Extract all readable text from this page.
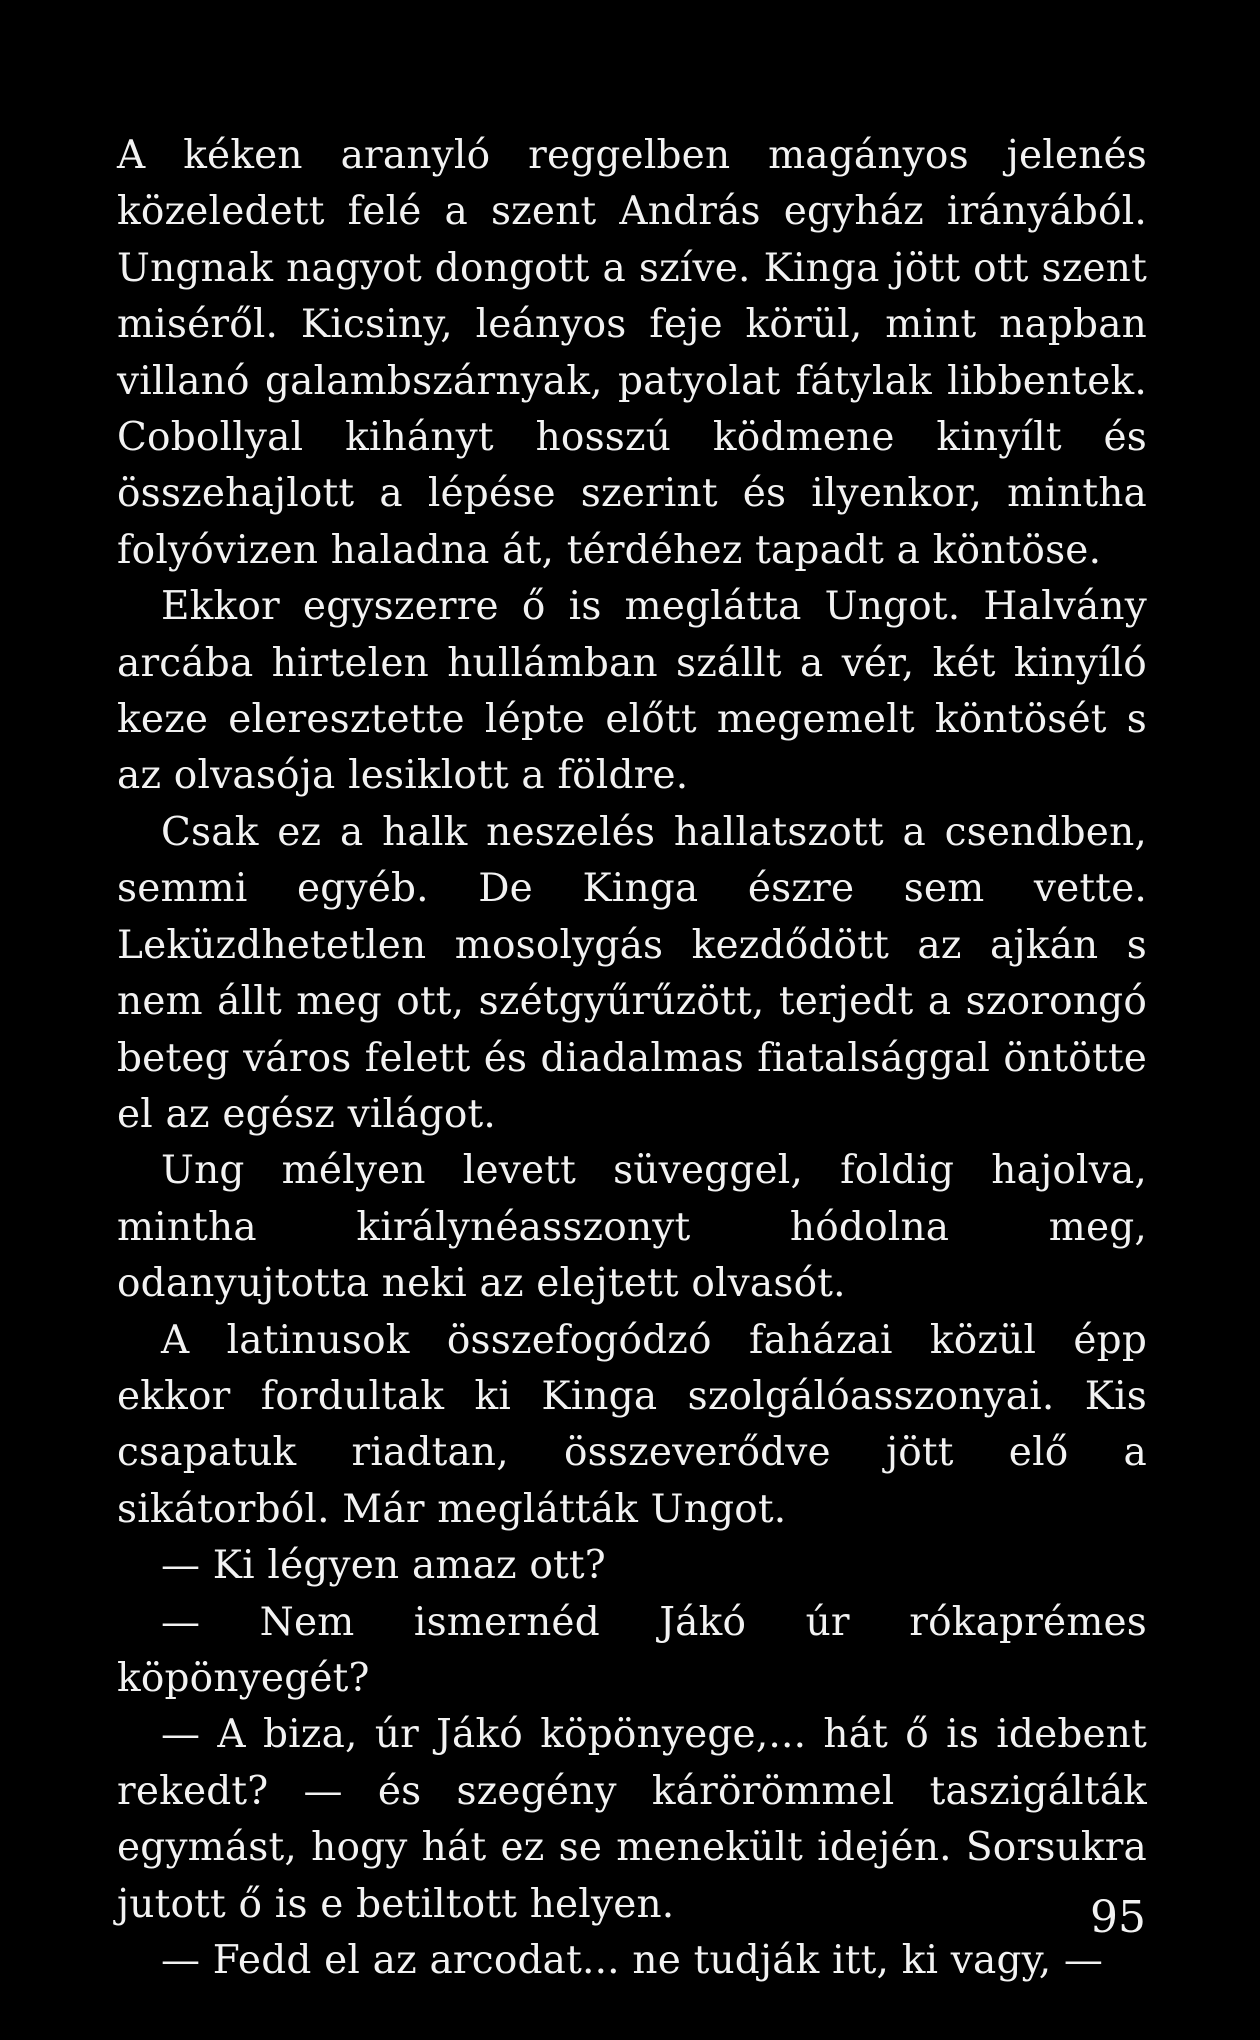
A kéken aranyló reggelben magányos jelenés közeledett felé a szent András egyház irányából. Ungnak nagyot dongott a szíve. Kinga jött ott szent miséről. Kicsiny, leányos feje körül, mint napban villanó galambszárnyak, patyolat fátylak libbentek. Cobollyal kihányt hosszú ködmene kinyílt és összehajlott a lépése szerint és ilyenkor, mintha folyóvizen haladna át, térdéhez tapadt a köntöse.

Ekkor egyszerre ő is meglátta Ungot. Halvány arcába hirtelen hullámban szállt a vér, két kinyíló keze eleresztette lépte előtt megemelt köntösét s az olvasója lesiklott a földre.

Csak ez a halk neszelés hallatszott a csendben, semmi egyéb. De Kinga észre sem vette. Leküzdhetetlen mosolygás kezdődött az ajkán s nem állt meg ott, szétgyűrűzött, terjedt a szorongó beteg város felett és diadalmas fiatalsággal öntötte el az egész világot.

Ung mélyen levett süveggel, foldig hajolva, mintha királynéasszonyt hódolna meg, odanyujtotta neki az elejtett olvasót.

A latinusok összefogódzó faházai közül épp ekkor fordultak ki Kinga szolgálóasszonyai. Kis csapatuk riadtan, összeverődve jött elő a sikátorból. Már meglátták Ungot.

— Ki légyen amaz ott?

— Nem ismernéd Jákó úr rókaprémes köpönyegét?

— A biza, úr Jákó köpönyege,... hát ő is idebent rekedt? — és szegény kárörömmel taszigálták egymást, hogy hát ez se menekült idején. Sorsukra jutott ő is e betiltott helyen.

— Fedd el az arcodat... ne tudják itt, ki vagy, —

95
